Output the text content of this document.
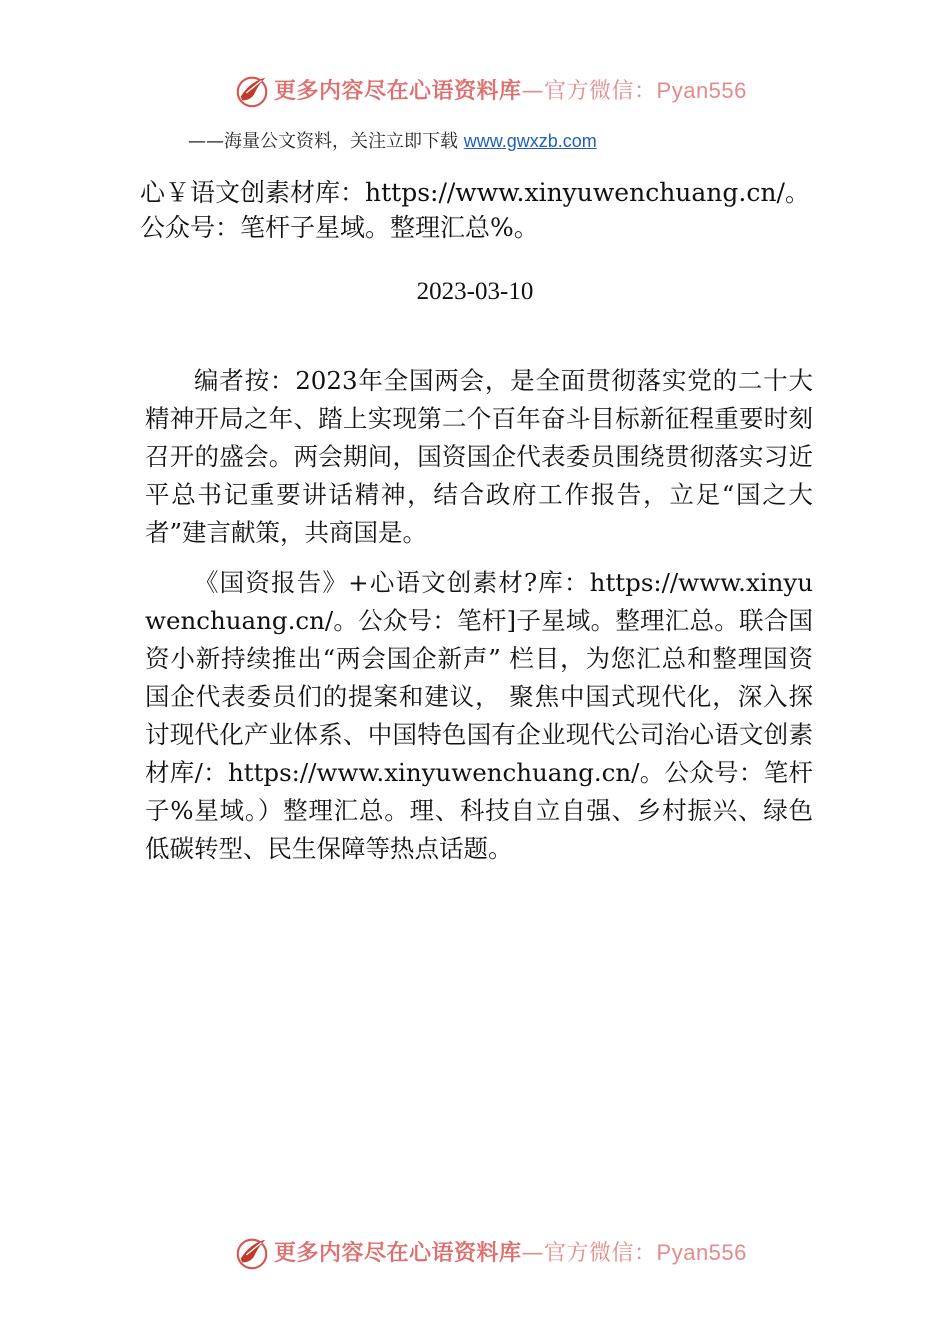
更多内容尽在心语资料库—官方微信：Pyan556
——海量公文资料，关注立即下载 www.gwxzb.com
心￥语文创素材库：https://www.xinyuwenchuang.cn/。公众号：笔杆子星域。整理汇总%。
2023-03-10
编者按：2023年全国两会，是全面贯彻落实党的二十大精神开局之年、踏上实现第二个百年奋斗目标新征程重要时刻召开的盛会。两会期间，国资国企代表委员围绕贯彻落实习近平总书记重要讲话精神，结合政府工作报告，立足“国之大者”建言献策，共商国是。
《国资报告》+心语文创素材?库：https://www.xinyuwenchuang.cn/。公众号：笔杆]子星域。整理汇总。联合国资小新持续推出“两会国企新声” 栏目，为您汇总和整理国资国企代表委员们的提案和建议， 聚焦中国式现代化，深入探讨现代化产业体系、中国特色国有企业现代公司治心语文创素材库/：https://www.xinyuwenchuang.cn/。公众号：笔杆子%星域。）整理汇总。理、科技自立自强、乡村振兴、绿色低碳转型、民生保障等热点话题。
更多内容尽在心语资料库—官方微信：Pyan556
